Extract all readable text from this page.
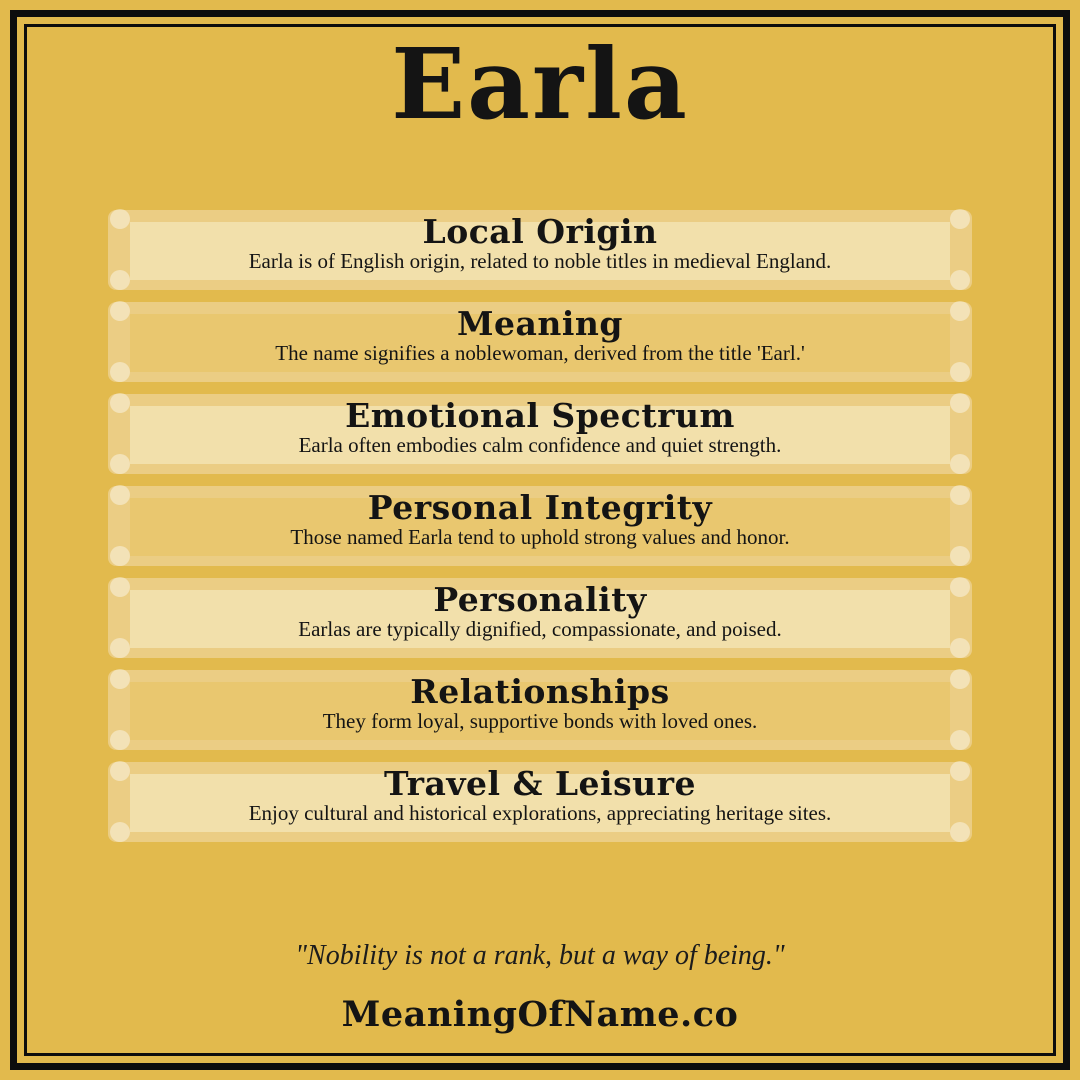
Earla
Local Origin

Earla is of English origin, related to noble titles in medieval England.

Meaning

The name signifies a noblewoman, derived from the title 'Earl.'

Emotional Spectrum

Earla often embodies calm confidence and quiet strength.

Personal Integrity

Those named Earla tend to uphold strong values and honor.

Personality

Earlas are typically dignified, compassionate, and poised.

Relationships

They form loyal, supportive bonds with loved ones.

Travel & Leisure

Enjoy cultural and historical explorations, appreciating heritage sites.

"Nobility is not a rank, but a way of being."

MeaningOfName.co
